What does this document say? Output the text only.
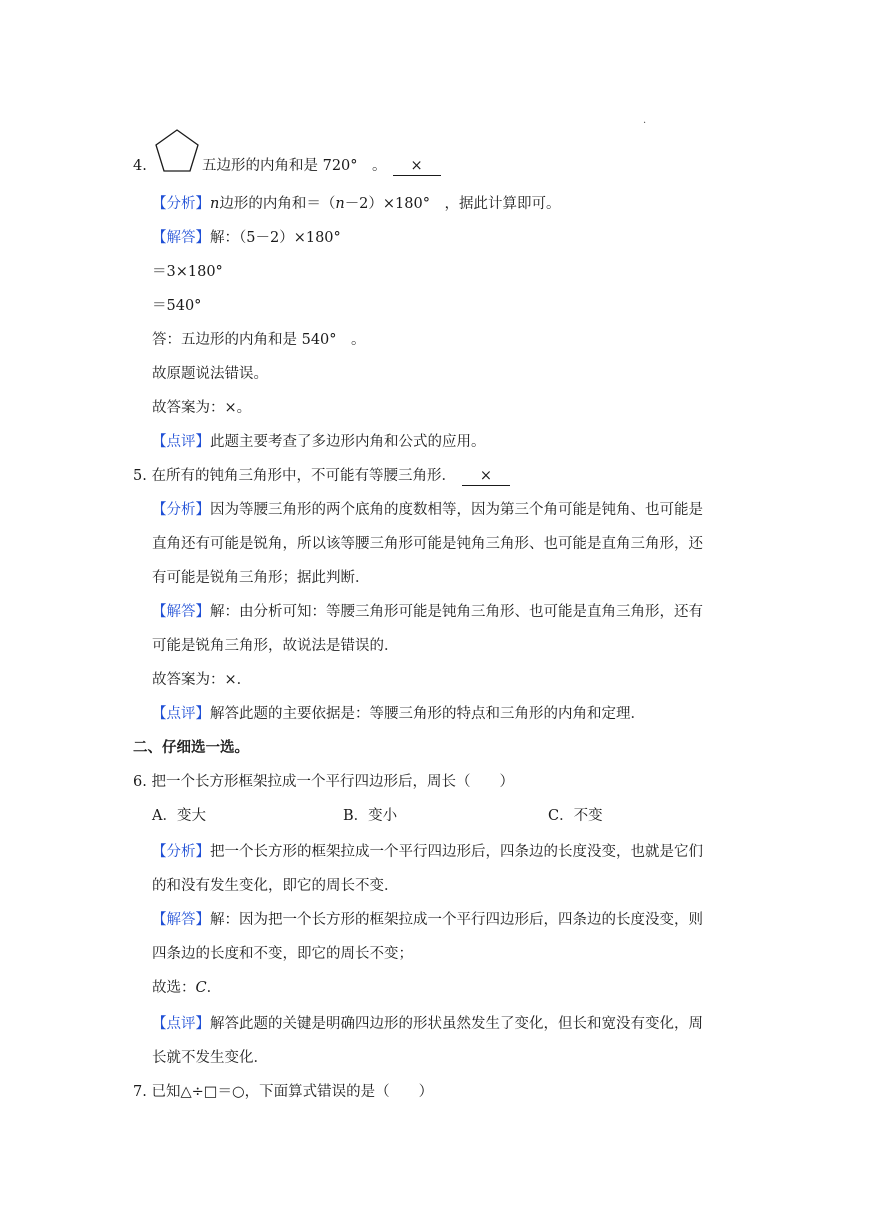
·
4.	五边形的内角和是 720°　。 ×
【分析】n边形的内角和＝（n－2）×180°　，据此计算即可。
【解答】解：（5－2）×180°
＝3×180°
＝540°
答：五边形的内角和是 540°　。
故原题说法错误。
故答案为：×。
【点评】此题主要考查了多边形内角和公式的应用。
5. 在所有的钝角三角形中，不可能有等腰三角形． ×
【分析】因为等腰三角形的两个底角的度数相等，因为第三个角可能是钝角、也可能是
直角还有可能是锐角，所以该等腰三角形可能是钝角三角形、也可能是直角三角形，还
有可能是锐角三角形；据此判断．
【解答】解：由分析可知：等腰三角形可能是钝角三角形、也可能是直角三角形，还有
可能是锐角三角形，故说法是错误的．
故答案为：×．
【点评】解答此题的主要依据是：等腰三角形的特点和三角形的内角和定理．
二、仔细选一选。
6. 把一个长方形框架拉成一个平行四边形后，周长（　　）
A．变大	B．变小	C．不变
【分析】把一个长方形的框架拉成一个平行四边形后，四条边的长度没变，也就是它们
的和没有发生变化，即它的周长不变．
【解答】解：因为把一个长方形的框架拉成一个平行四边形后，四条边的长度没变，则
四条边的长度和不变，即它的周长不变；
故选：C．
【点评】解答此题的关键是明确四边形的形状虽然发生了变化，但长和宽没有变化，周
长就不发生变化．
7. 已知△÷□＝○，下面算式错误的是（　　）
